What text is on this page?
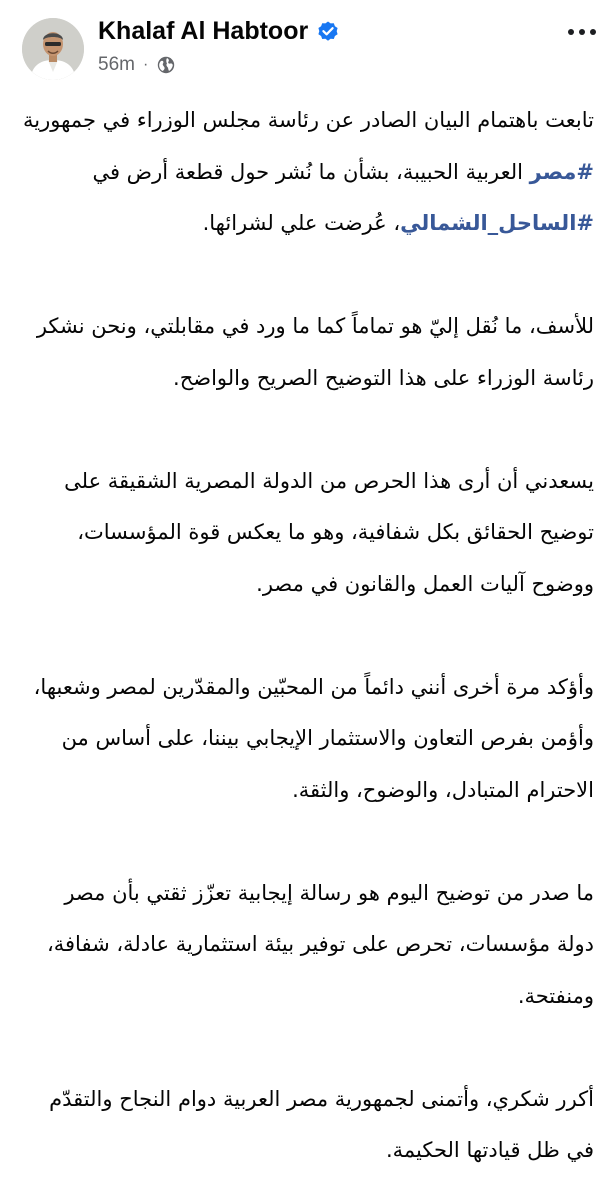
Khalaf Al Habtoor
56m ·

تابعت باهتمام البيان الصادر عن رئاسة مجلس الوزراء في جمهورية #مصر العربية الحبيبة، بشأن ما نُشر حول قطعة أرض في #الساحل_الشمالي، عُرضت علي لشرائها.

للأسف، ما نُقل إليّ هو تماماً كما ما ورد في مقابلتي، ونحن نشكر رئاسة الوزراء على هذا التوضيح الصريح والواضح.

يسعدني أن أرى هذا الحرص من الدولة المصرية الشقيقة على توضيح الحقائق بكل شفافية، وهو ما يعكس قوة المؤسسات، ووضوح آليات العمل والقانون في مصر.

وأؤكد مرة أخرى أنني دائماً من المحبّين والمقدّرين لمصر وشعبها، وأؤمن بفرص التعاون والاستثمار الإيجابي بيننا، على أساس من الاحترام المتبادل، والوضوح، والثقة.

ما صدر من توضيح اليوم هو رسالة إيجابية تعزّز ثقتي بأن مصر دولة مؤسسات، تحرص على توفير بيئة استثمارية عادلة، شفافة، ومنفتحة.

أكرر شكري، وأتمنى لجمهورية مصر العربية دوام النجاح والتقدّم في ظل قيادتها الحكيمة.
